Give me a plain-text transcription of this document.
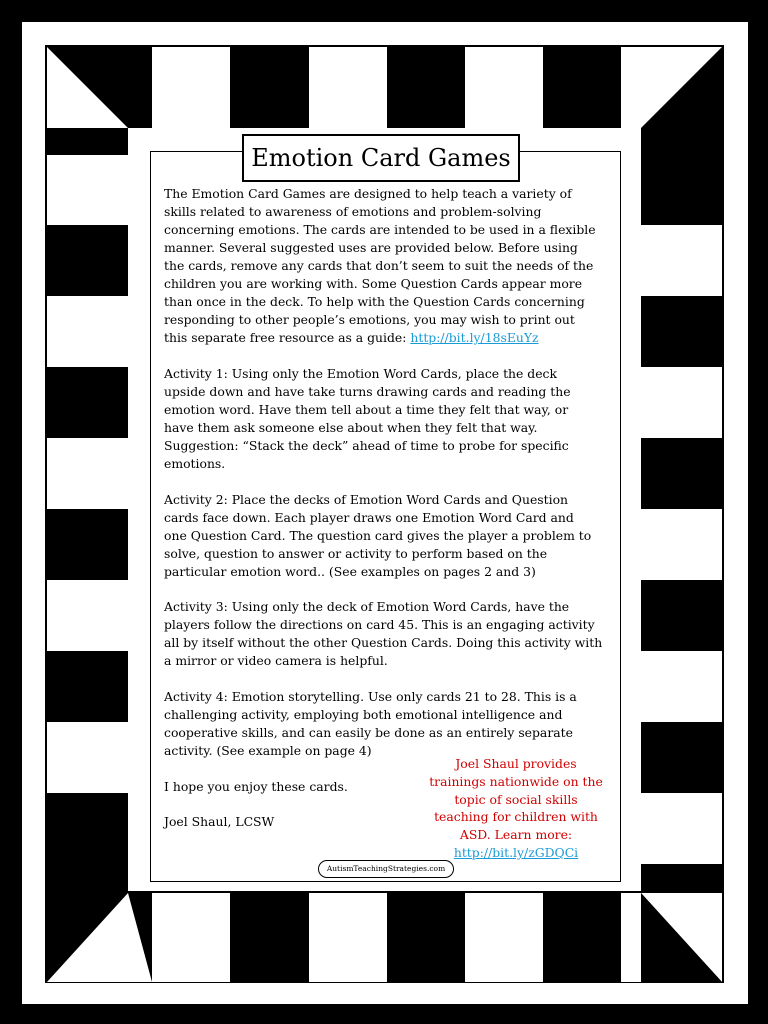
Emotion Card Games
The Emotion Card Games are designed to help teach a variety of
skills related to awareness of emotions and problem-solving
concerning emotions. The cards are intended to be used in a flexible
manner. Several suggested uses are provided below. Before using
the cards, remove any cards that don’t seem to suit the needs of the
children you are working with. Some Question Cards appear more
than once in the deck. To help with the Question Cards concerning
responding to other people’s emotions, you may wish to print out
this separate free resource as a guide: http://bit.ly/18sEuYz
Activity 1: Using only the Emotion Word Cards, place the deck
upside down and have take turns drawing cards and reading the
emotion word. Have them tell about a time they felt that way, or
have them ask someone else about when they felt that way.
Suggestion: “Stack the deck” ahead of time to probe for specific
emotions.
Activity 2: Place the decks of Emotion Word Cards and Question
cards face down. Each player draws one Emotion Word Card and
one Question Card. The question card gives the player a problem to
solve, question to answer or activity to perform based on the
particular emotion word.. (See examples on pages 2 and 3)
Activity 3: Using only the deck of Emotion Word Cards, have the
players follow the directions on card 45. This is an engaging activity
all by itself without the other Question Cards. Doing this activity with
a mirror or video camera is helpful.
Activity 4: Emotion storytelling. Use only cards 21 to 28. This is a
challenging activity, employing both emotional intelligence and
cooperative skills, and can easily be done as an entirely separate
activity. (See example on page 4)
I hope you enjoy these cards.
Joel Shaul, LCSW
Joel Shaul provides
trainings nationwide on the
topic of social skills
teaching for children with
ASD. Learn more:
http://bit.ly/zGDQCi
AutismTeachingStrategies.com
